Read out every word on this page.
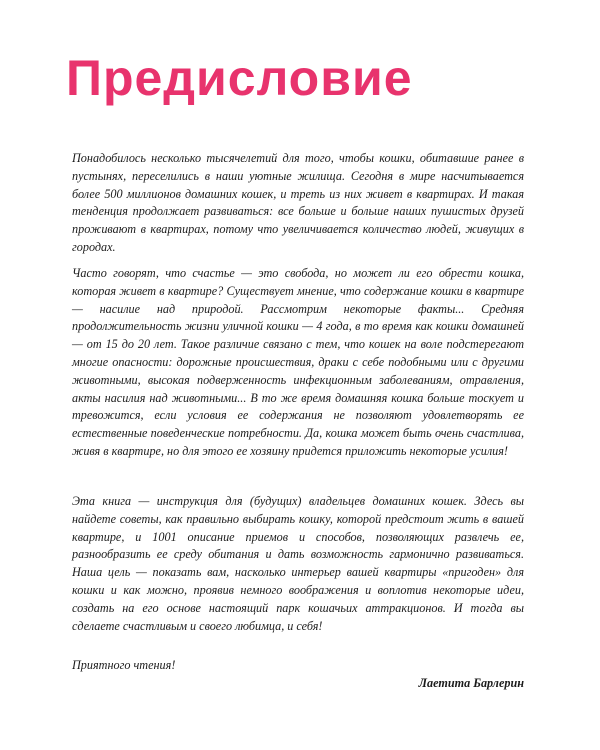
Предисловие

Понадобилось несколько тысячелетий для того, чтобы кошки, обитавшие ранее в пустынях, переселились в наши уютные жилища. Сегодня в мире насчитывается более 500 миллионов домашних кошек, и треть из них живет в квартирах. И такая тенденция продолжает развиваться: все больше и больше наших пушистых друзей проживают в квартирах, потому что увеличивается количество людей, живущих в городах.

Часто говорят, что счастье — это свобода, но может ли его обрести кошка, которая живет в квартире? Существует мнение, что содержание кошки в квартире — насилие над природой. Рассмотрим некоторые факты... Средняя продолжительность жизни уличной кошки — 4 года, в то время как кошки домашней — от 15 до 20 лет. Такое различие связано с тем, что кошек на воле подстерегают многие опасности: дорожные происшествия, драки с себе подобными или с другими животными, высокая подверженность инфекционным заболеваниям, отравления, акты насилия над животными... В то же время домашняя кошка больше тоскует и тревожится, если условия ее содержания не позволяют удовлетворять ее естественные поведенческие потребности. Да, кошка может быть очень счастлива, живя в квартире, но для этого ее хозяину придется приложить некоторые усилия!

Эта книга — инструкция для (будущих) владельцев домашних кошек. Здесь вы найдете советы, как правильно выбирать кошку, которой предстоит жить в вашей квартире, и 1001 описание приемов и способов, позволяющих развлечь ее, разнообразить ее среду обитания и дать возможность гармонично развиваться. Наша цель — показать вам, насколько интерьер вашей квартиры «пригоден» для кошки и как можно, проявив немного воображения и воплотив некоторые идеи, создать на его основе настоящий парк кошачьих аттракционов. И тогда вы сделаете счастливым и своего любимца, и себя!

Приятного чтения!

Лаетита Барлерин
